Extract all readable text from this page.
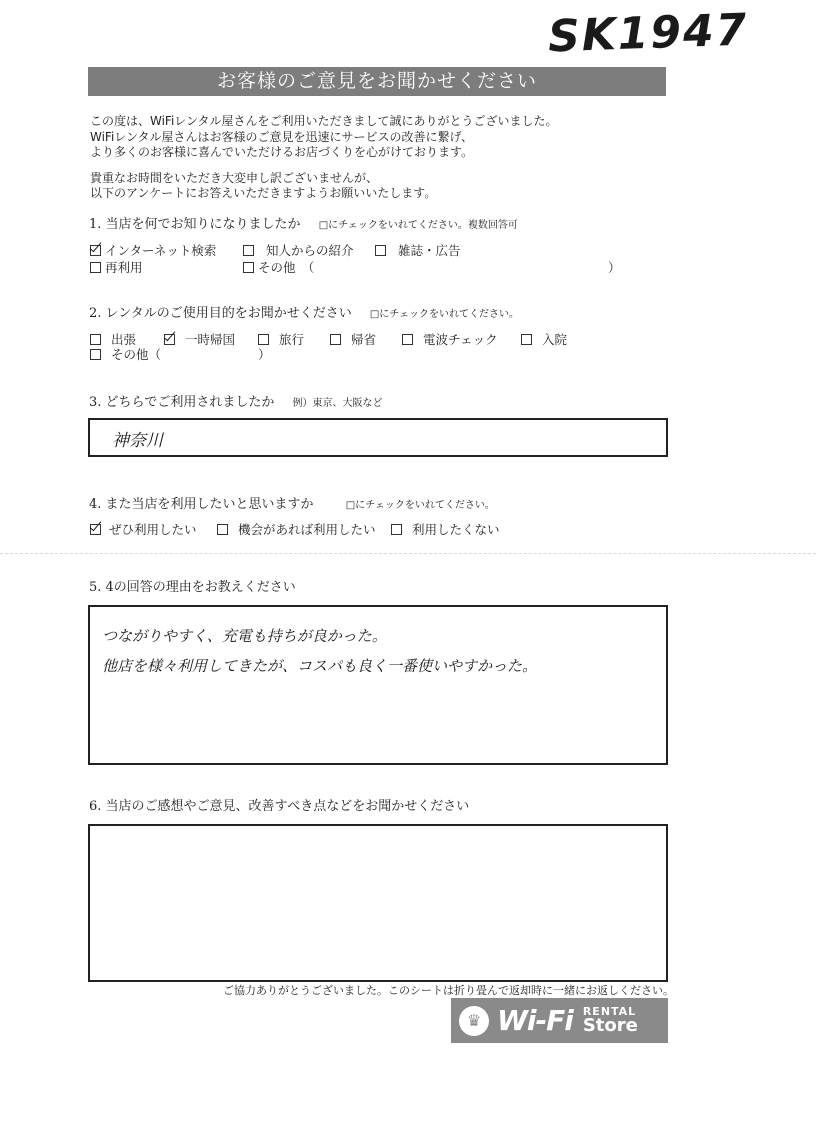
SK1947
お客様のご意見をお聞かせください
この度は、WiFiレンタル屋さんをご利用いただきまして誠にありがとうございました。
WiFiレンタル屋さんはお客様のご意見を迅速にサービスの改善に繋げ、
より多くのお客様に喜んでいただけるお店づくりを心がけております。
貴重なお時間をいただき大変申し訳ございませんが、
以下のアンケートにお答えいただきますようお願いいたします。
1. 当店を何でお知りになりましたか □にチェックをいれてください。複数回答可
インターネット検索	知人からの紹介	雑誌・広告
再利用	その他　（	）
2. レンタルのご使用目的をお聞かせください □にチェックをいれてください。
出張	一時帰国	旅行	帰省	電波チェック	入院
その他（	）
3. どちらでご利用されましたか 例）東京、大阪など
神奈川
4. また当店を利用したいと思いますか	□にチェックをいれてください。
ぜひ利用したい	機会があれば利用したい	利用したくない
5. 4の回答の理由をお教えください
つながりやすく、充電も持ちが良かった。
他店を様々利用してきたが、コスパも良く一番使いやすかった。
6. 当店のご感想やご意見、改善すべき点などをお聞かせください
ご協力ありがとうございました。このシートは折り畳んで返却時に一緒にお返しください。
♛ Wi-Fi RENTAL
Store
